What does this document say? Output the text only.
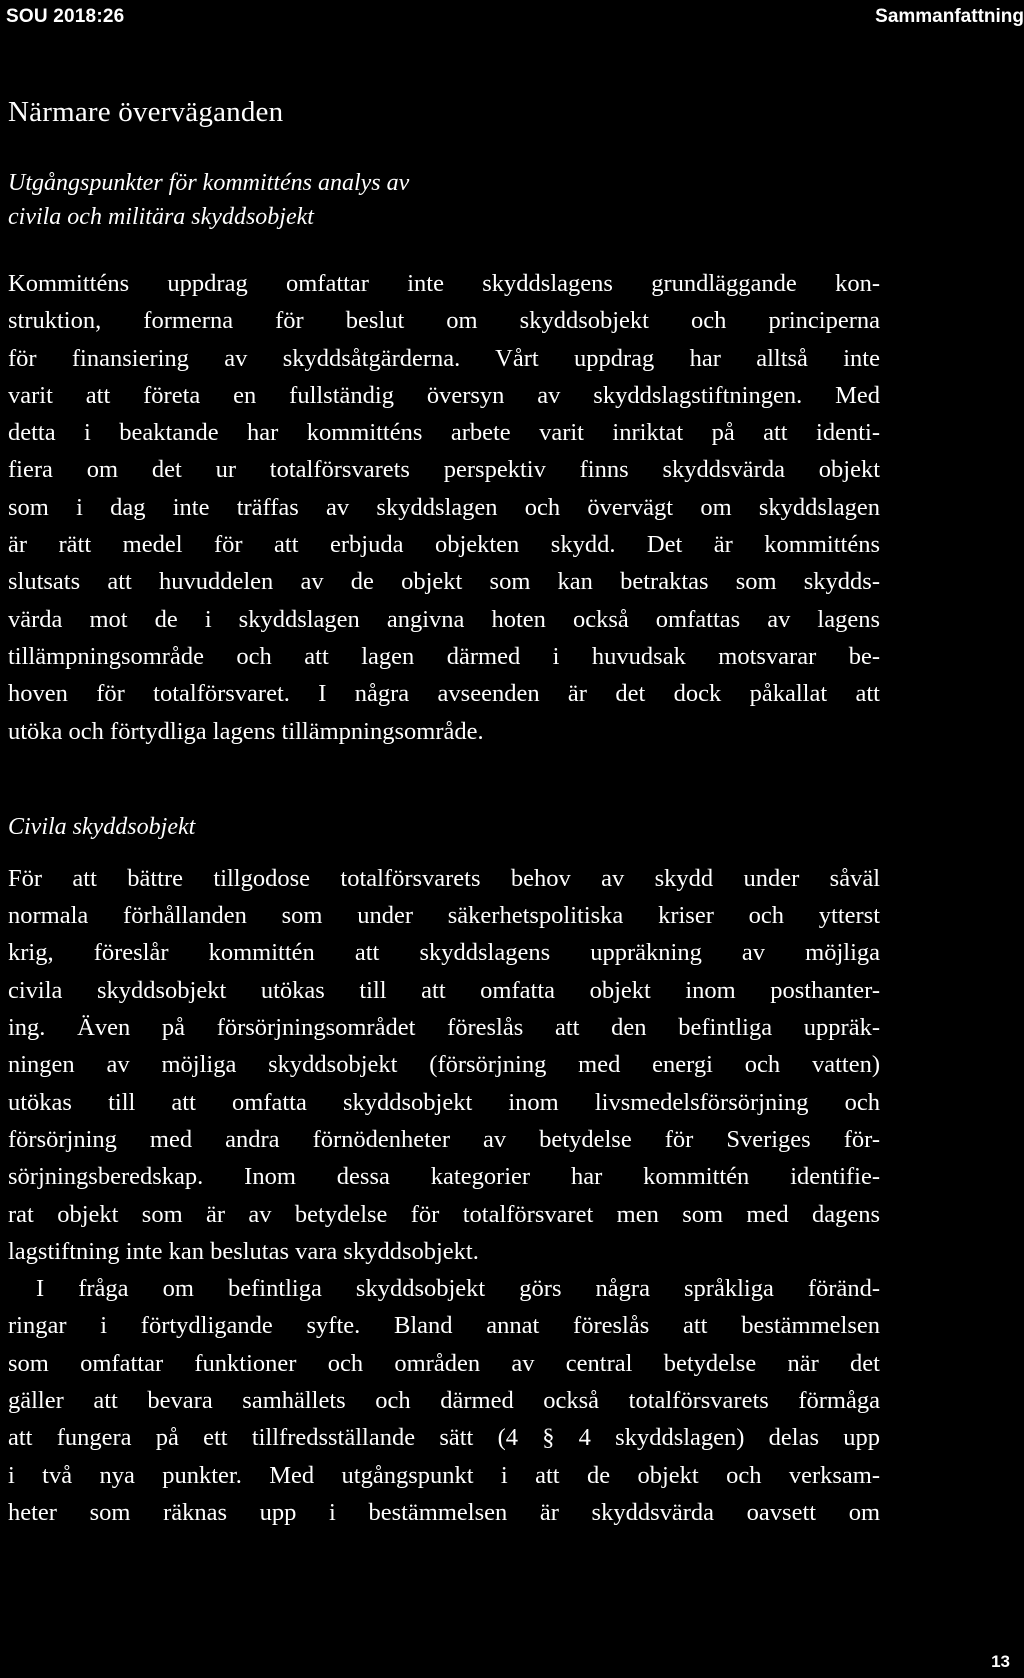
SOU 2018:26	Sammanfattning
Närmare överväganden
Utgångspunkter för kommitténs analys av
civila och militära skyddsobjekt
Kommitténs uppdrag omfattar inte skyddslagens grundläggande kon-
struktion, formerna för beslut om skyddsobjekt och principerna
för finansiering av skyddsåtgärderna. Vårt uppdrag har alltså inte
varit att företa en fullständig översyn av skyddslagstiftningen. Med
detta i beaktande har kommitténs arbete varit inriktat på att identi-
fiera om det ur totalförsvarets perspektiv finns skyddsvärda objekt
som i dag inte träffas av skyddslagen och övervägt om skyddslagen
är rätt medel för att erbjuda objekten skydd. Det är kommitténs
slutsats att huvuddelen av de objekt som kan betraktas som skydds-
värda mot de i skyddslagen angivna hoten också omfattas av lagens
tillämpningsområde och att lagen därmed i huvudsak motsvarar be-
hoven för totalförsvaret. I några avseenden är det dock påkallat att
utöka och förtydliga lagens tillämpningsområde.
Civila skyddsobjekt
För att bättre tillgodose totalförsvarets behov av skydd under såväl
normala förhållanden som under säkerhetspolitiska kriser och ytterst
krig, föreslår kommittén att skyddslagens uppräkning av möjliga
civila skyddsobjekt utökas till att omfatta objekt inom posthanter-
ing. Även på försörjningsområdet föreslås att den befintliga uppräk-
ningen av möjliga skyddsobjekt (försörjning med energi och vatten)
utökas till att omfatta skyddsobjekt inom livsmedelsförsörjning och
försörjning med andra förnödenheter av betydelse för Sveriges för-
sörjningsberedskap. Inom dessa kategorier har kommittén identifie-
rat objekt som är av betydelse för totalförsvaret men som med dagens
lagstiftning inte kan beslutas vara skyddsobjekt.
I fråga om befintliga skyddsobjekt görs några språkliga föränd-
ringar i förtydligande syfte. Bland annat föreslås att bestämmelsen
som omfattar funktioner och områden av central betydelse när det
gäller att bevara samhällets och därmed också totalförsvarets förmåga
att fungera på ett tillfredsställande sätt (4 § 4 skyddslagen) delas upp
i två nya punkter. Med utgångspunkt i att de objekt och verksam-
heter som räknas upp i bestämmelsen är skyddsvärda oavsett om
13
